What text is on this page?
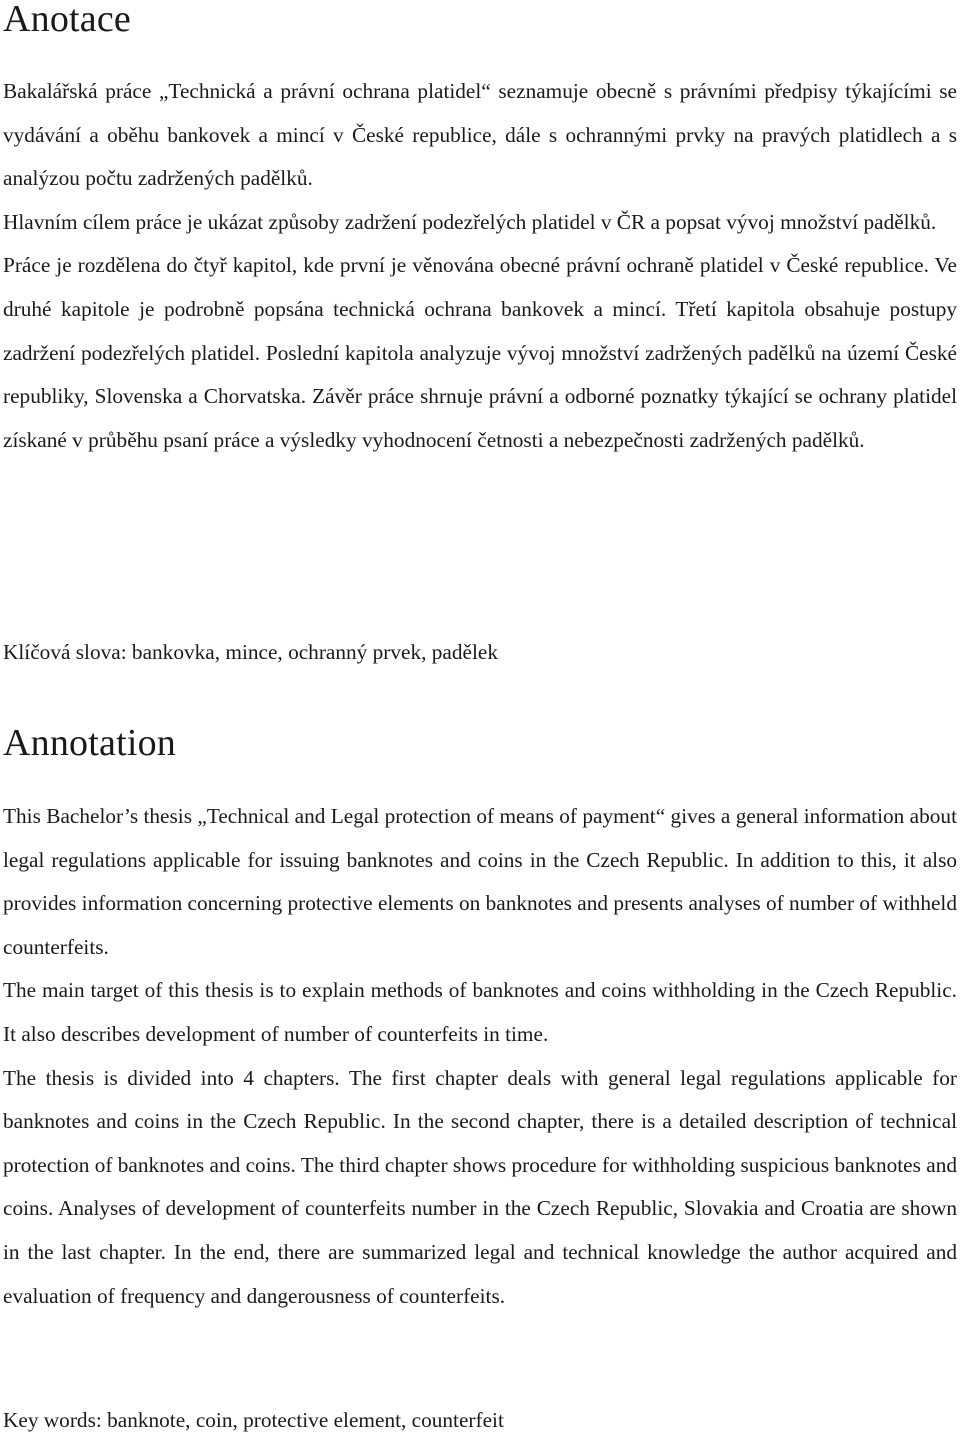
Anotace

Bakalářská práce „Technická a právní ochrana platidel“ seznamuje obecně s právními předpisy týkajícími se vydávání a oběhu bankovek a mincí v České republice, dále s ochrannými prvky na pravých platidlech a s analýzou počtu zadržených padělků.

Hlavním cílem práce je ukázat způsoby zadržení podezřelých platidel v ČR a popsat vývoj množství padělků.

Práce je rozdělena do čtyř kapitol, kde první je věnována obecné právní ochraně platidel v České republice. Ve druhé kapitole je podrobně popsána technická ochrana bankovek a mincí. Třetí kapitola obsahuje postupy zadržení podezřelých platidel. Poslední kapitola analyzuje vývoj množství zadržených padělků na území České republiky, Slovenska a Chorvatska. Závěr práce shrnuje právní a odborné poznatky týkající se ochrany platidel získané v průběhu psaní práce a výsledky vyhodnocení četnosti a nebezpečnosti zadržených padělků.

Klíčová slova: bankovka, mince, ochranný prvek, padělek

Annotation

This Bachelor’s thesis „Technical and Legal protection of means of payment“ gives a general information about legal regulations applicable for issuing banknotes and coins in the Czech Republic. In addition to this, it also provides information concerning protective elements on banknotes and presents analyses of number of withheld counterfeits.

The main target of this thesis is to explain methods of banknotes and coins withholding in the Czech Republic. It also describes development of number of counterfeits in time.

The thesis is divided into 4 chapters. The first chapter deals with general legal regulations applicable for banknotes and coins in the Czech Republic. In the second chapter, there is a detailed description of technical protection of banknotes and coins. The third chapter shows procedure for withholding suspicious banknotes and coins. Analyses of development of counterfeits number in the Czech Republic, Slovakia and Croatia are shown in the last chapter. In the end, there are summarized legal and technical knowledge the author acquired and evaluation of frequency and dangerousness of counterfeits.

Key words: banknote, coin, protective element, counterfeit
